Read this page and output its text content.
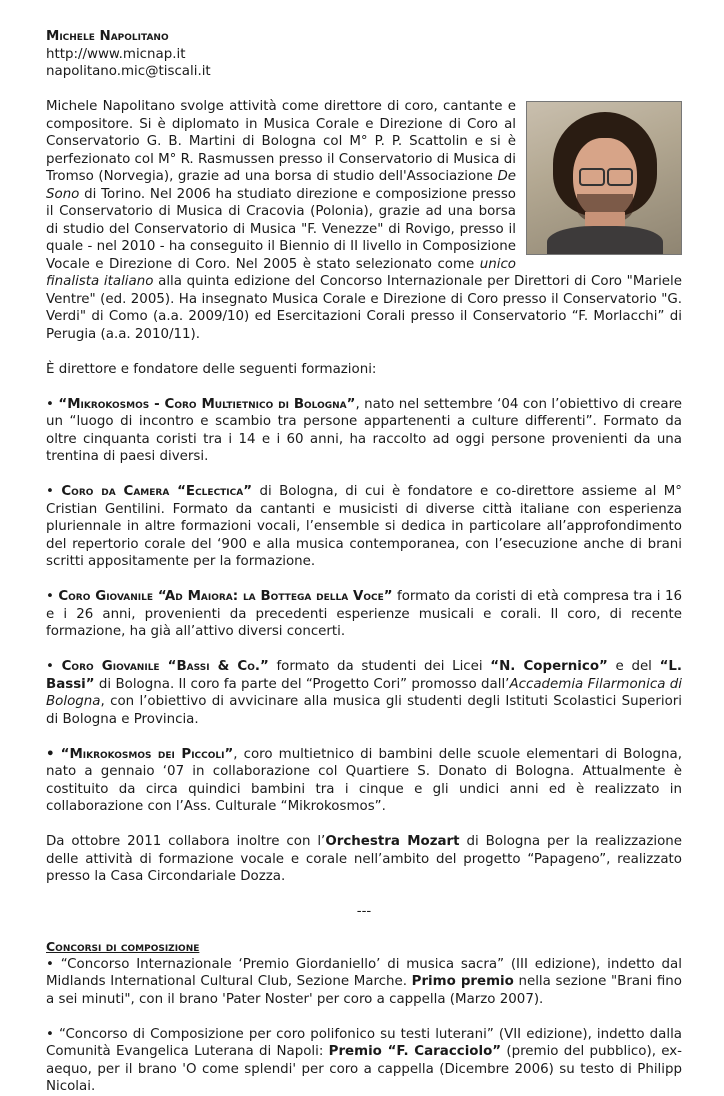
Michele Napolitano

http://www.micnap.it

napolitano.mic@tiscali.it

Michele Napolitano svolge attività come direttore di coro, cantante e compositore. Si è diplomato in Musica Corale e Direzione di Coro al Conservatorio G. B. Martini di Bologna col M° P. P. Scattolin e si è perfezionato col M° R. Rasmussen presso il Conservatorio di Musica di Tromso (Norvegia), grazie ad una borsa di studio dell'Associazione De Sono di Torino. Nel 2006 ha studiato direzione e composizione presso il Conservatorio di Musica di Cracovia (Polonia), grazie ad una borsa di studio del Conservatorio di Musica "F. Venezze" di Rovigo, presso il quale - nel 2010 - ha conseguito il Biennio di II livello in Composizione Vocale e Direzione di Coro. Nel 2005 è stato selezionato come unico finalista italiano alla quinta edizione del Concorso Internazionale per Direttori di Coro "Mariele Ventre" (ed. 2005). Ha insegnato Musica Corale e Direzione di Coro presso il Conservatorio "G. Verdi" di Como (a.a. 2009/10) ed Esercitazioni Corali presso il Conservatorio “F. Morlacchi” di Perugia (a.a. 2010/11).

È direttore e fondatore delle seguenti formazioni:

• “Mikrokosmos - Coro Multietnico di Bologna”, nato nel settembre ‘04 con l’obiettivo di creare un “luogo di incontro e scambio tra persone appartenenti a culture differenti”. Formato da oltre cinquanta coristi tra i 14 e i 60 anni, ha raccolto ad oggi persone provenienti da una trentina di paesi diversi.

• Coro da Camera “Eclectica” di Bologna, di cui è fondatore e co-direttore assieme al M° Cristian Gentilini. Formato da cantanti e musicisti di diverse città italiane con esperienza pluriennale in altre formazioni vocali, l’ensemble si dedica in particolare all’approfondimento del repertorio corale del ‘900 e alla musica contemporanea, con l’esecuzione anche di brani scritti appositamente per la formazione.

• Coro Giovanile “Ad Maiora: la Bottega della Voce” formato da coristi di età compresa tra i 16 e i 26 anni, provenienti da precedenti esperienze musicali e corali. Il coro, di recente formazione, ha già all’attivo diversi concerti.

• Coro Giovanile “Bassi & Co.” formato da studenti dei Licei “N. Copernico” e del “L. Bassi” di Bologna. Il coro fa parte del “Progetto Cori” promosso dall’Accademia Filarmonica di Bologna, con l’obiettivo di avvicinare alla musica gli studenti degli Istituti Scolastici Superiori di Bologna e Provincia.

• “Mikrokosmos dei Piccoli”, coro multietnico di bambini delle scuole elementari di Bologna, nato a gennaio ‘07 in collaborazione col Quartiere S. Donato di Bologna. Attualmente è costituito da circa quindici bambini tra i cinque e gli undici anni ed è realizzato in collaborazione con l’Ass. Culturale “Mikrokosmos”.

Da ottobre 2011 collabora inoltre con l’Orchestra Mozart di Bologna per la realizzazione delle attività di formazione vocale e corale nell’ambito del progetto “Papageno”, realizzato presso la Casa Circondariale Dozza.

---

Concorsi di composizione

• “Concorso Internazionale ‘Premio Giordaniello’ di musica sacra” (III edizione), indetto dal Midlands International Cultural Club, Sezione Marche. Primo premio nella sezione "Brani fino a sei minuti", con il brano 'Pater Noster' per coro a cappella (Marzo 2007).

• “Concorso di Composizione per coro polifonico su testi luterani” (VII edizione), indetto dalla Comunità Evangelica Luterana di Napoli: Premio “F. Caracciolo” (premio del pubblico), ex-aequo, per il brano 'O come splendi' per coro a cappella (Dicembre 2006) su testo di Philipp Nicolai.
